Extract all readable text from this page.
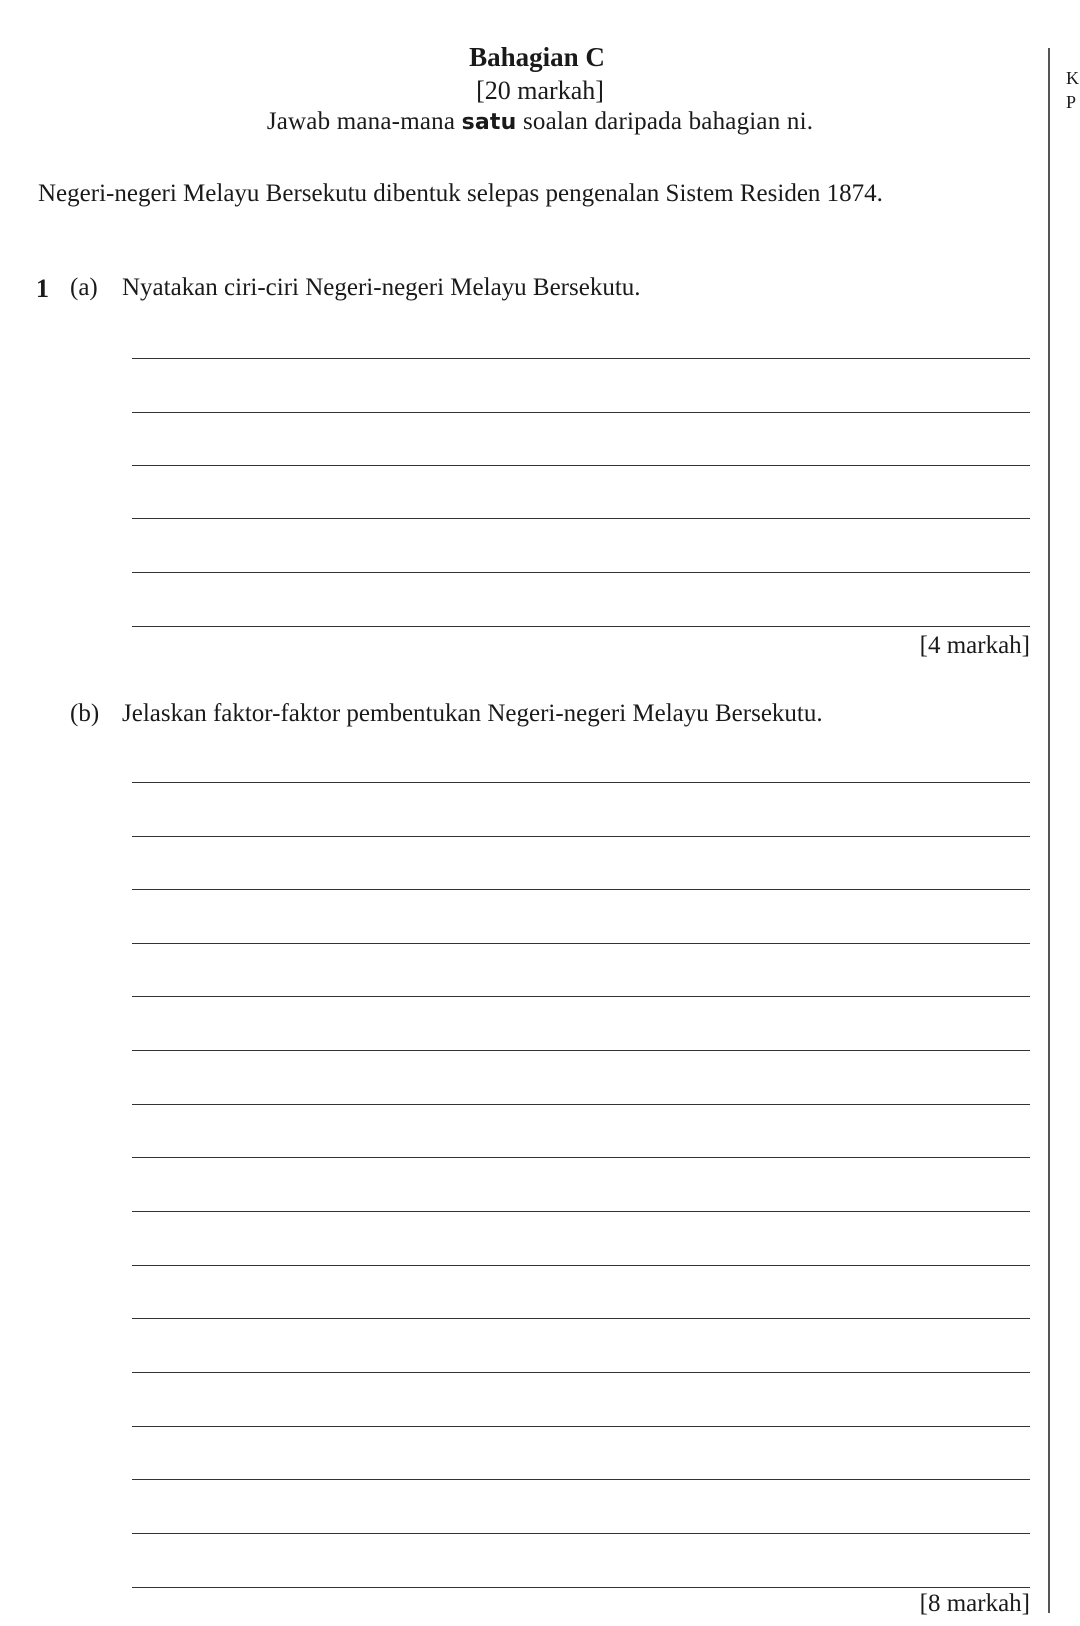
Bahagian C
[20 markah]
Jawab mana-mana satu soalan daripada bahagian ni.
Negeri-negeri Melayu Bersekutu dibentuk selepas pengenalan Sistem Residen 1874.
1 (a) Nyatakan ciri-ciri Negeri-negeri Melayu Bersekutu.
[4 markah]
(b) Jelaskan faktor-faktor pembentukan Negeri-negeri Melayu Bersekutu.
[8 markah]
K
P
